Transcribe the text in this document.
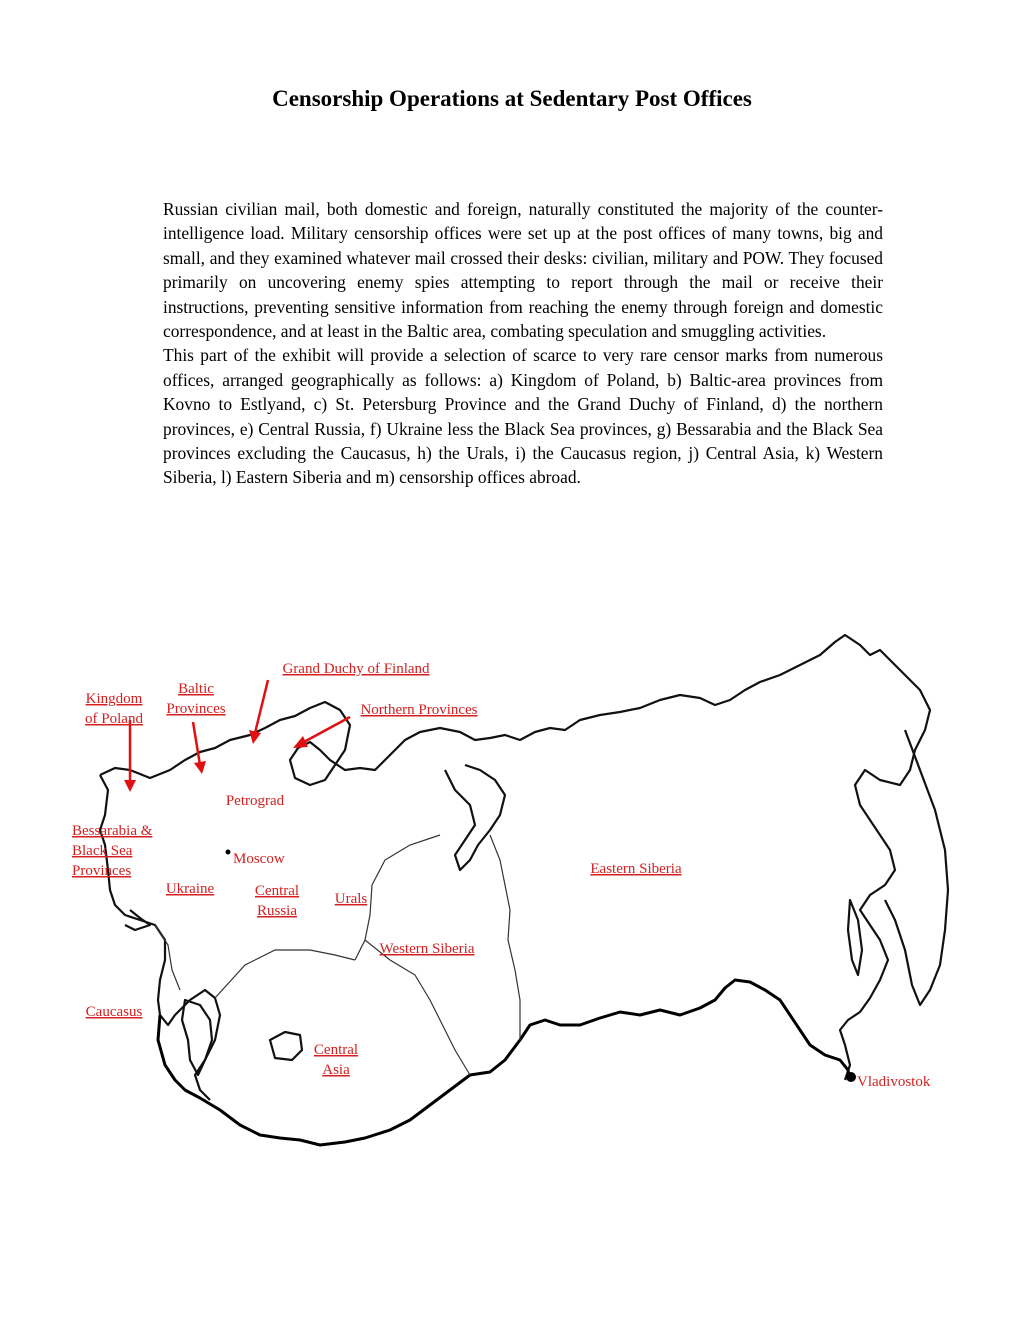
Censorship Operations at Sedentary Post Offices

Russian civilian mail, both domestic and foreign, naturally constituted the majority of the counter-intelligence load. Military censorship offices were set up at the post offices of many towns, big and small, and they examined whatever mail crossed their desks: civilian, military and POW. They focused primarily on uncovering enemy spies attempting to report through the mail or receive their instructions, preventing sensitive information from reaching the enemy through foreign and domestic correspondence, and at least in the Baltic area, combating speculation and smuggling activities.

This part of the exhibit will provide a selection of scarce to very rare censor marks from numerous offices, arranged geographically as follows: a) Kingdom of Poland, b) Baltic-area provinces from Kovno to Estlyand, c) St. Petersburg Province and the Grand Duchy of Finland, d) the northern provinces, e) Central Russia, f) Ukraine less the Black Sea provinces, g) Bessarabia and the Black Sea provinces excluding the Caucasus, h) the Urals, i) the Caucasus region, j) Central Asia, k) Western Siberia, l) Eastern Siberia and m) censorship offices abroad.

Kingdom
of Poland
Baltic
Provinces
Grand Duchy of Finland
Northern Provinces
Petrograd
Moscow
Bessarabia &
Black Sea
Provinces
Ukraine	Central
Russia
Urals
Western Siberia
Eastern Siberia
Caucasus
Central
Asia
Vladivostok
